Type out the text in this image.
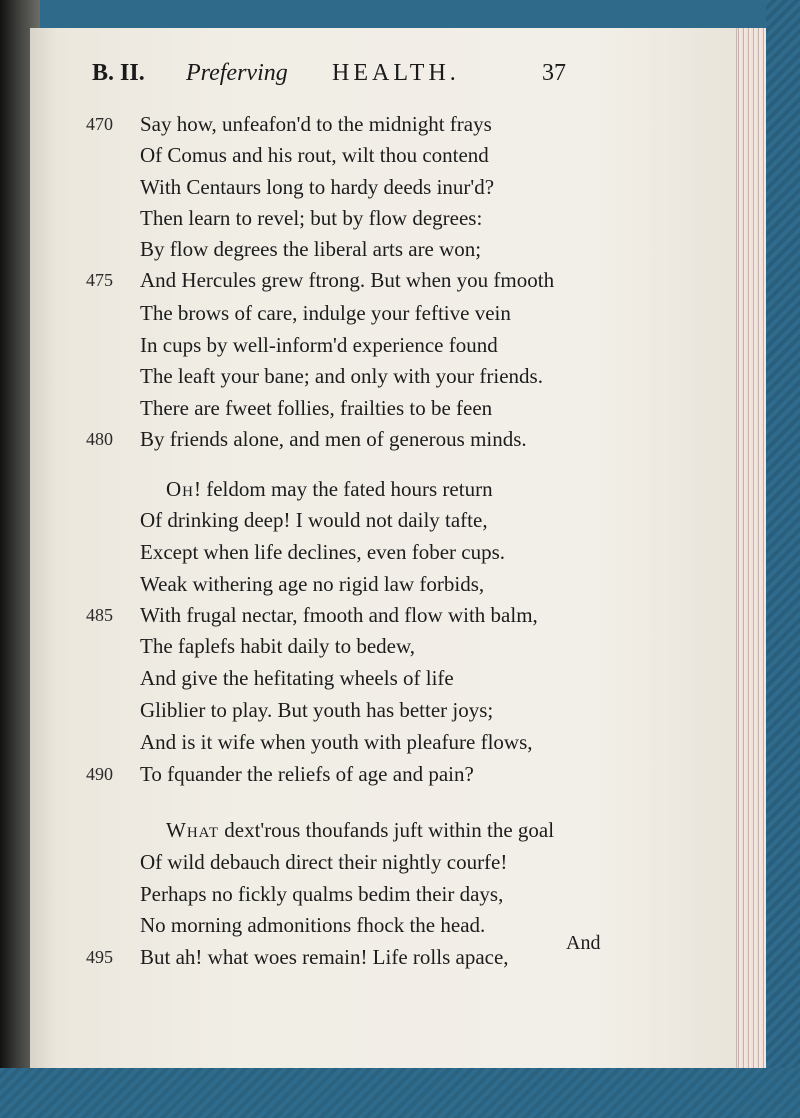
B. II. Preferving HEALTH.	37
470 Say how, unfeafon'd to the midnight frays
Of Comus and his rout, wilt thou contend
With Centaurs long to hardy deeds inur'd?
Then learn to revel; but by flow degrees:
By flow degrees the liberal arts are won;
475 And Hercules grew ftrong. But when you fmooth
The brows of care, indulge your feftive vein
In cups by well-inform'd experience found
The leaft your bane; and only with your friends.
There are fweet follies, frailties to be feen
480 By friends alone, and men of generous minds.
Oh! feldom may the fated hours return
Of drinking deep! I would not daily tafte,
Except when life declines, even fober cups.
Weak withering age no rigid law forbids,
485 With frugal nectar, fmooth and flow with balm,
The faplefs habit daily to bedew,
And give the hefitating wheels of life
Gliblier to play. But youth has better joys;
And is it wife when youth with pleafure flows,
490 To fquander the reliefs of age and pain?
What dext'rous thoufands juft within the goal
Of wild debauch direct their nightly courfe!
Perhaps no fickly qualms bedim their days,
No morning admonitions fhock the head.
495 But ah! what woes remain! Life rolls apace,
And
